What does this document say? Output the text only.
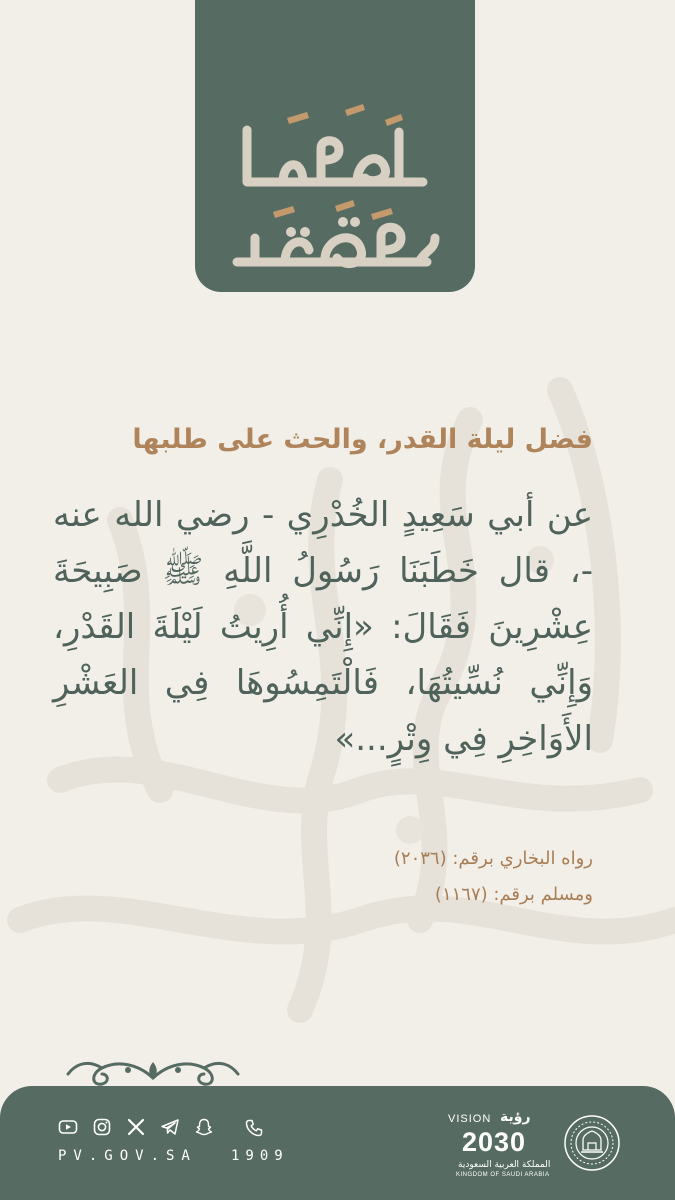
فضل ليلة القدر، والحث على طلبها
عن أبي سَعِيدٍ الخُدْرِي - رضي الله عنه -، قال خَطَبَنَا رَسُولُ اللَّهِ ﷺ صَبِيحَةَ عِشْرِينَ فَقَالَ: «إِنِّي أُرِيتُ لَيْلَةَ القَدْرِ، وَإِنِّي نُسِّيتُهَا، فَالْتَمِسُوهَا فِي العَشْرِ الأَوَاخِرِ فِي وِتْرٍ...»
رواه البخاري برقم: (٢٠٣٦)
ومسلم برقم: (١١٦٧)
PV.GOV.SA 1909
VISION رؤية
2030
المملكة العربية السعودية
KINGDOM OF SAUDI ARABIA
